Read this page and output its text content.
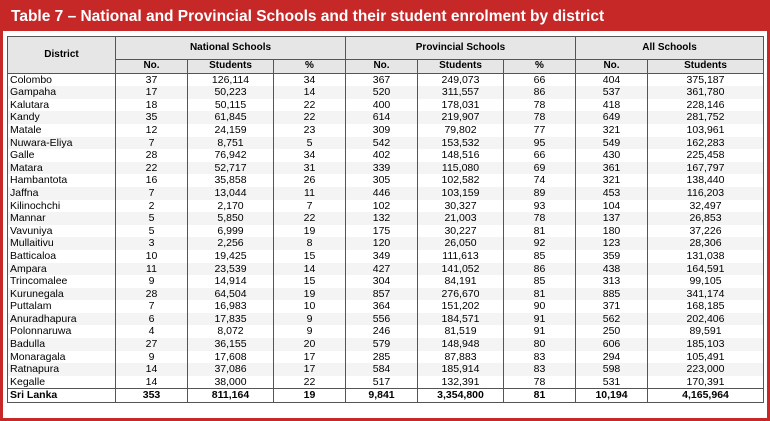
Table 7 – National and Provincial Schools and their student enrolment by district
District	National Schools			Provincial Schools			All Schools	
	No.	Students	%	No.	Students	%	No.	Students
Colombo	37	126,114	34	367	249,073	66	404	375,187
Gampaha	17	50,223	14	520	311,557	86	537	361,780
Kalutara	18	50,115	22	400	178,031	78	418	228,146
Kandy	35	61,845	22	614	219,907	78	649	281,752
Matale	12	24,159	23	309	79,802	77	321	103,961
Nuwara-Eliya	7	8,751	5	542	153,532	95	549	162,283
Galle	28	76,942	34	402	148,516	66	430	225,458
Matara	22	52,717	31	339	115,080	69	361	167,797
Hambantota	16	35,858	26	305	102,582	74	321	138,440
Jaffna	7	13,044	11	446	103,159	89	453	116,203
Kilinochchi	2	2,170	7	102	30,327	93	104	32,497
Mannar	5	5,850	22	132	21,003	78	137	26,853
Vavuniya	5	6,999	19	175	30,227	81	180	37,226
Mullaitivu	3	2,256	8	120	26,050	92	123	28,306
Batticaloa	10	19,425	15	349	111,613	85	359	131,038
Ampara	11	23,539	14	427	141,052	86	438	164,591
Trincomalee	9	14,914	15	304	84,191	85	313	99,105
Kurunegala	28	64,504	19	857	276,670	81	885	341,174
Puttalam	7	16,983	10	364	151,202	90	371	168,185
Anuradhapura	6	17,835	9	556	184,571	91	562	202,406
Polonnaruwa	4	8,072	9	246	81,519	91	250	89,591
Badulla	27	36,155	20	579	148,948	80	606	185,103
Monaragala	9	17,608	17	285	87,883	83	294	105,491
Ratnapura	14	37,086	17	584	185,914	83	598	223,000
Kegalle	14	38,000	22	517	132,391	78	531	170,391
Sri Lanka	353	811,164	19	9,841	3,354,800	81	10,194	4,165,964
